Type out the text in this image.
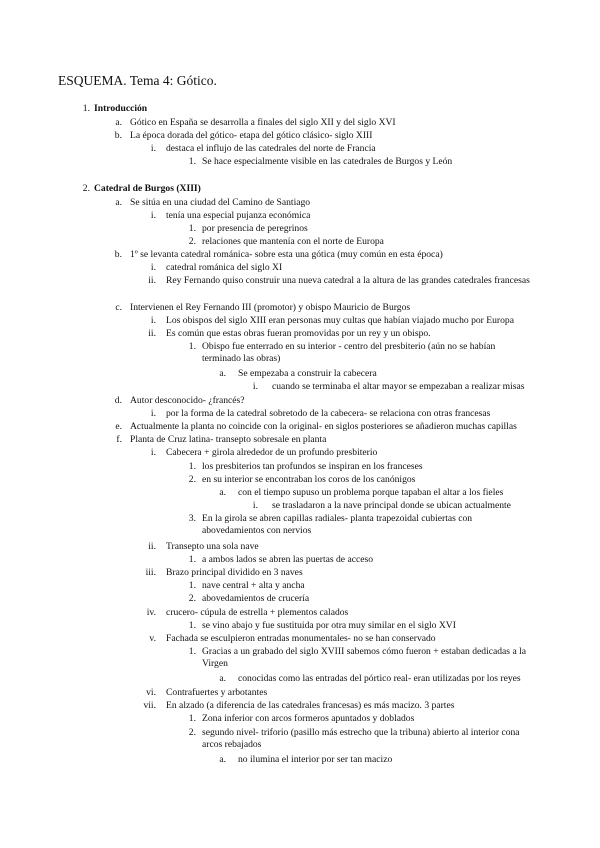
ESQUEMA. Tema 4: Gótico.
1. Introducción
a. Gótico en España se desarrolla a finales del siglo XII y del siglo XVI
b. La época dorada del gótico- etapa del gótico clásico- siglo XIII
i. destaca el influjo de las catedrales del norte de Francia
1. Se hace especialmente visible en las catedrales de Burgos y León
2. Catedral de Burgos (XIII)
a. Se sitúa en una ciudad del Camino de Santiago
i. tenía una especial pujanza económica
1. por presencia de peregrinos
2. relaciones que mantenía con el norte de Europa
b. 1º se levanta catedral románica- sobre esta una gótica (muy común en esta época)
i. catedral románica del siglo XI
ii. Rey Fernando quiso construir una nueva catedral a la altura de las grandes catedrales francesas
c. Intervienen el Rey Fernando III (promotor) y obispo Mauricio de Burgos
i. Los obispos del siglo XIII eran personas muy cultas que habían viajado mucho por Europa
ii. Es común que estas obras fueran promovidas por un rey y un obispo.
1. Obispo fue enterrado en su interior - centro del presbiterio (aún no se habían terminado las obras)
a. Se empezaba a construir la cabecera
i. cuando se terminaba el altar mayor se empezaban a realizar misas
d. Autor desconocido- ¿francés?
i. por la forma de la catedral sobretodo de la cabecera- se relaciona con otras francesas
e. Actualmente la planta no coincide con la original- en siglos posteriores se añadieron muchas capillas
f. Planta de Cruz latina- transepto sobresale en planta
i. Cabecera + girola alrededor de un profundo presbiterio
1. los presbiterios tan profundos se inspiran en los franceses
2. en su interior se encontraban los coros de los canónigos
a. con el tiempo supuso un problema porque tapaban el altar a los fieles
i. se trasladaron a la nave principal donde se ubican actualmente
3. En la girola se abren capillas radiales- planta trapezoidal cubiertas con abovedamientos con nervios
ii. Transepto una sola nave
1. a ambos lados se abren las puertas de acceso
iii. Brazo principal dividido en 3 naves
1. nave central + alta y ancha
2. abovedamientos de crucería
iv. crucero- cúpula de estrella + plementos calados
1. se vino abajo y fue sustituida por otra muy similar en el siglo XVI
v. Fachada se esculpieron entradas monumentales- no se han conservado
1. Gracias a un grabado del siglo XVIII sabemos cómo fueron + estaban dedicadas a la Virgen
a. conocidas como las entradas del pórtico real- eran utilizadas por los reyes
vi. Contrafuertes y arbotantes
vii. En alzado (a diferencia de las catedrales francesas) es más macizo. 3 partes
1. Zona inferior con arcos formeros apuntados y doblados
2. segundo nivel- triforio (pasillo más estrecho que la tribuna) abierto al interior cona arcos rebajados
a. no ilumina el interior por ser tan macizo
